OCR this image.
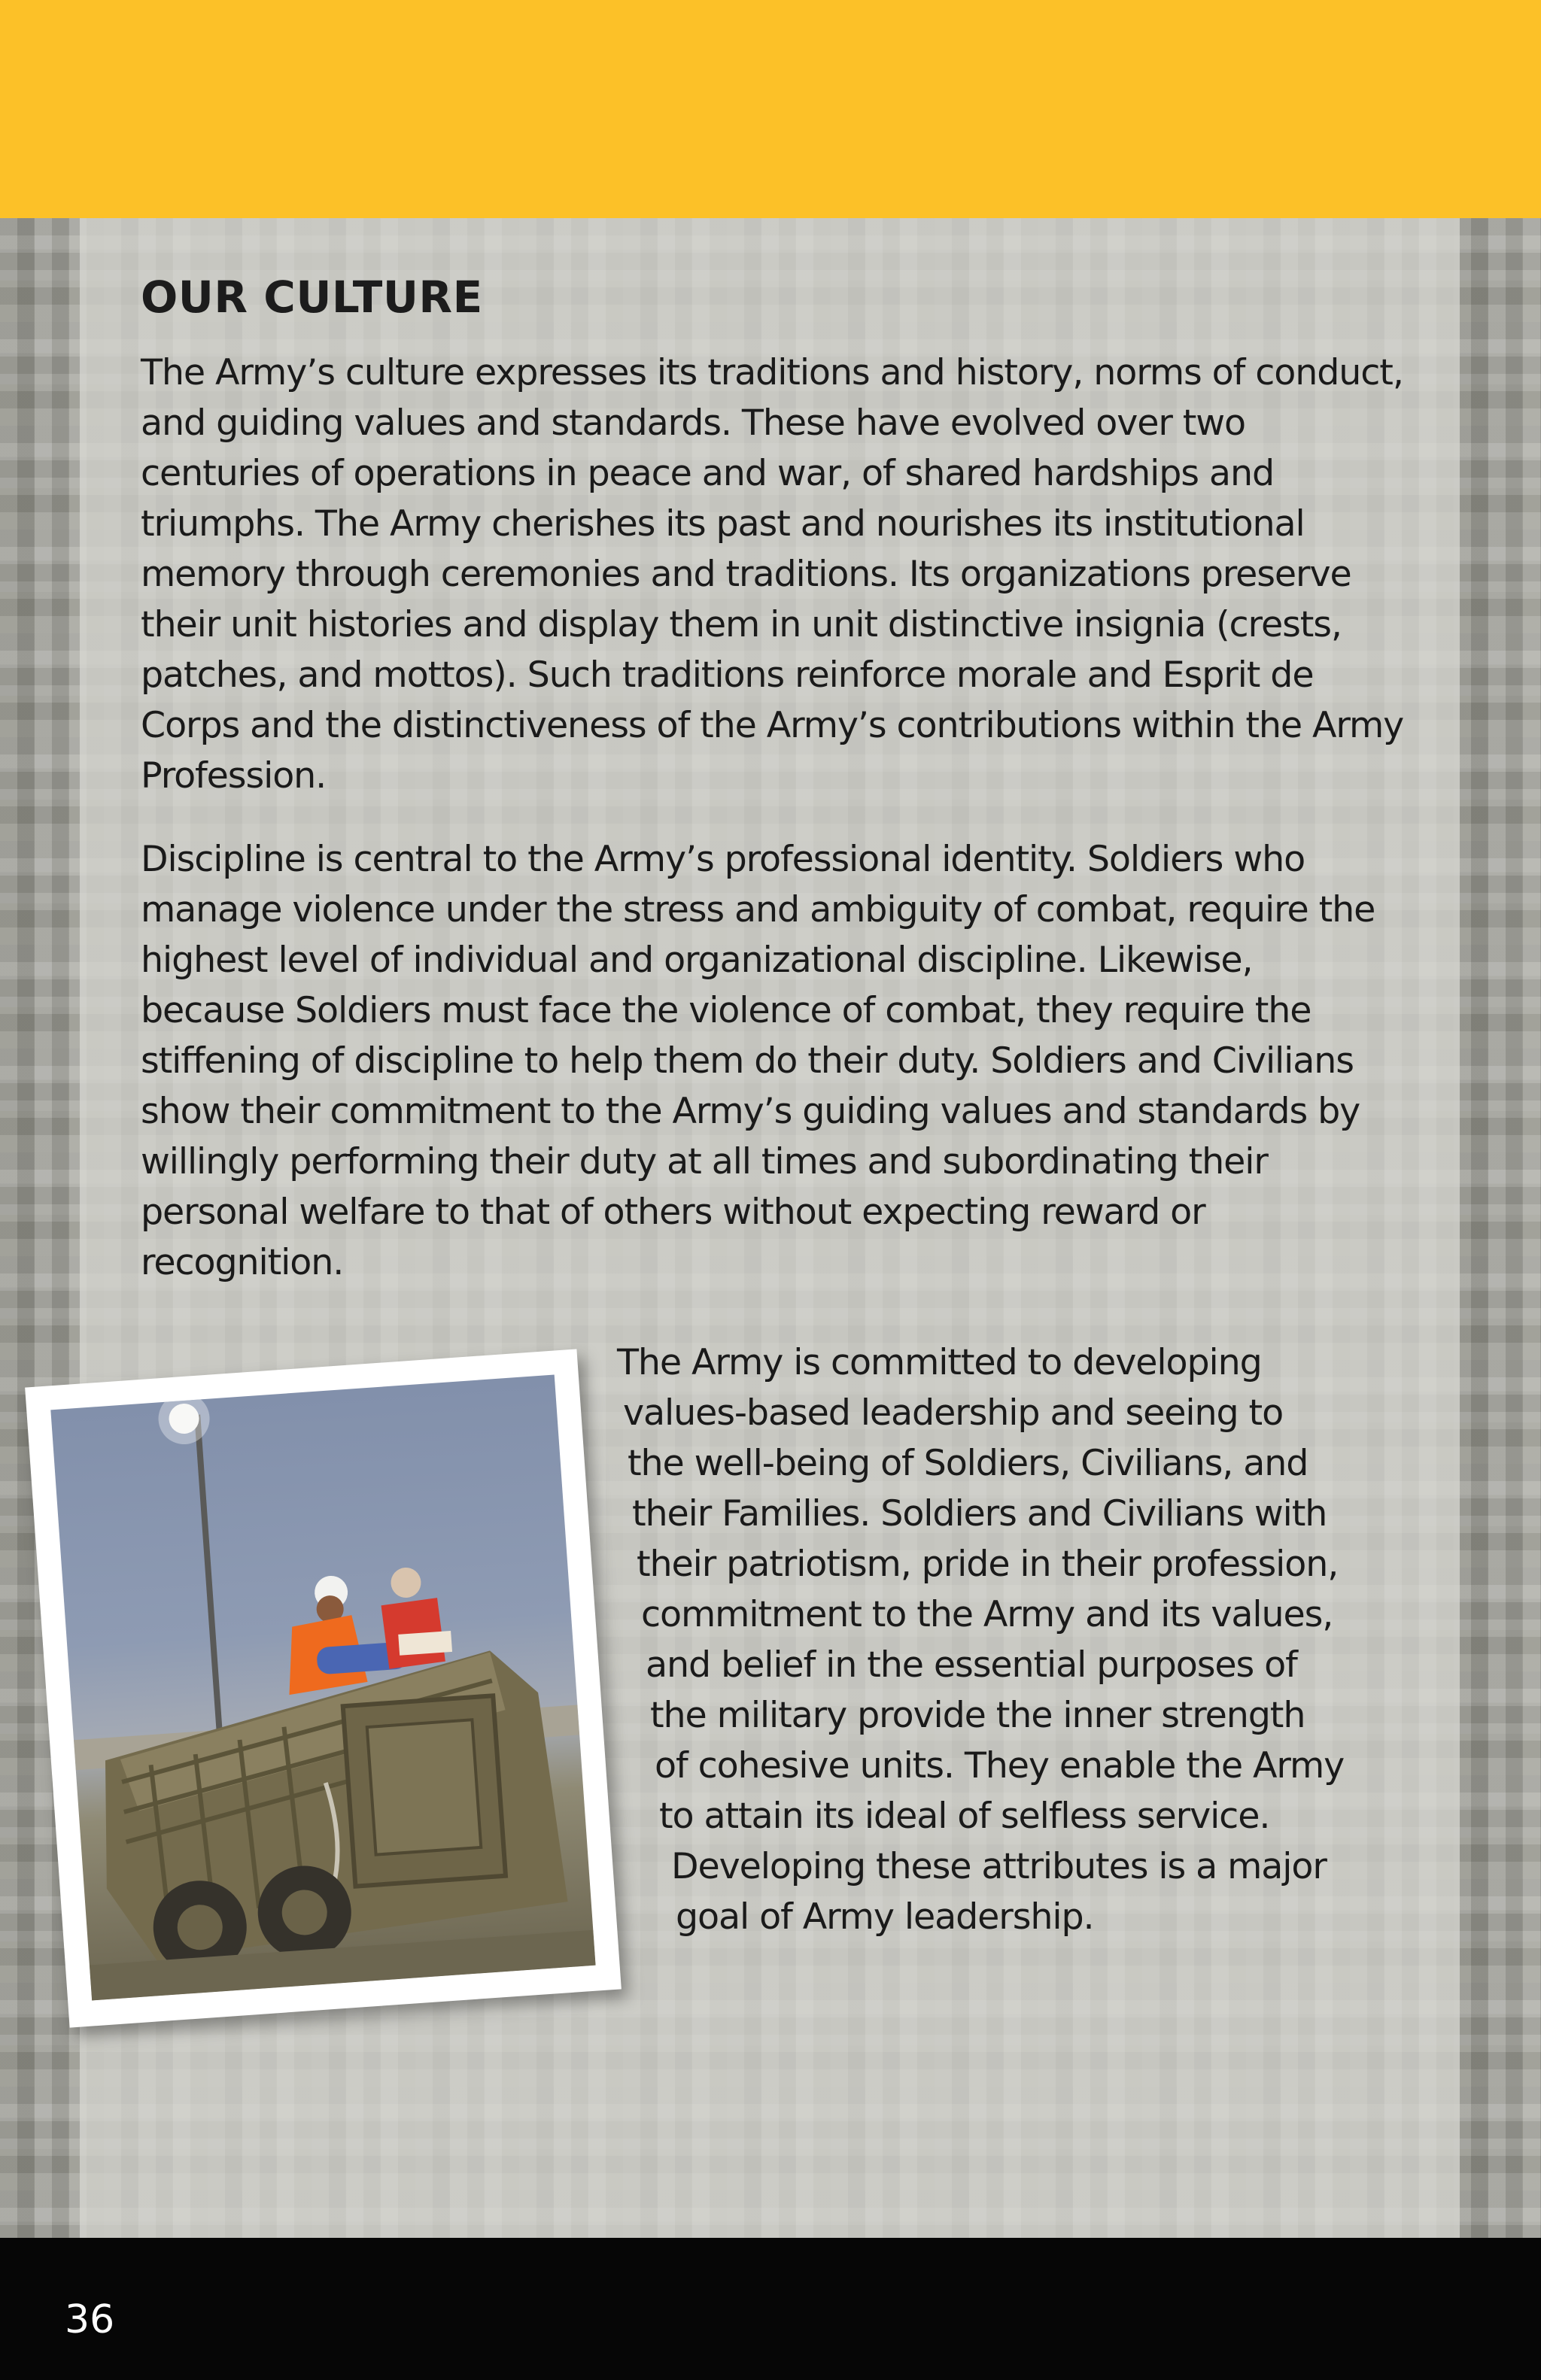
OUR CULTURE

The Army’s culture expresses its traditions and history, norms of conduct, and guiding values and standards. These have evolved over two centuries of operations in peace and war, of shared hardships and triumphs. The Army cherishes its past and nourishes its institutional memory through ceremonies and traditions. Its organizations preserve their unit histories and display them in unit distinctive insignia (crests, patches, and mottos). Such traditions reinforce morale and Esprit de Corps and the distinctiveness of the Army’s contributions within the Army Profession.

Discipline is central to the Army’s professional identity. Soldiers who manage violence under the stress and ambiguity of combat, require the highest level of individual and organizational discipline. Likewise, because Soldiers must face the violence of combat, they require the stiffening of discipline to help them do their duty. Soldiers and Civilians show their commitment to the Army’s guiding values and standards by willingly performing their duty at all times and subordinating their personal welfare to that of others without expecting reward or recognition.

The Army is committed to developing
values-based leadership and seeing to
the well-being of Soldiers, Civilians, and
their Families. Soldiers and Civilians with
their patriotism, pride in their profession,
commitment to the Army and its values,
and belief in the essential purposes of
the military provide the inner strength
of cohesive units. They enable the Army
to attain its ideal of selfless service.
Developing these attributes is a major
goal of Army leadership.
36
